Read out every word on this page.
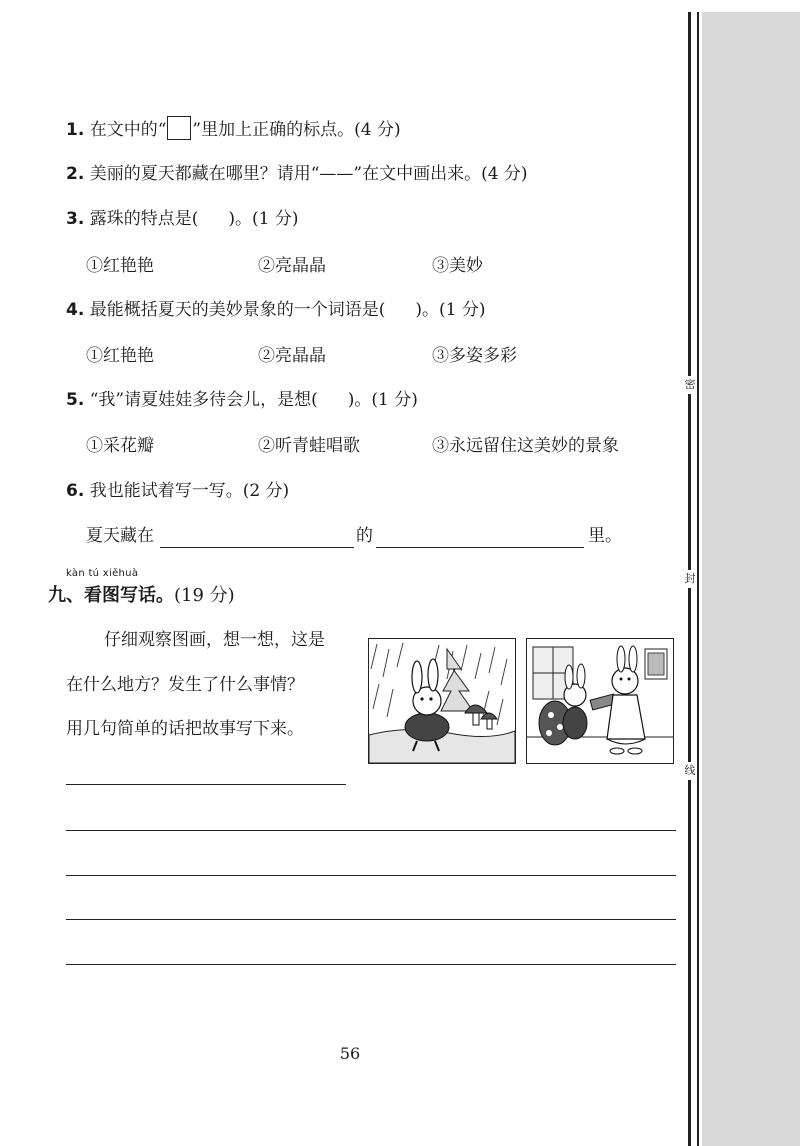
密
封
线
1. 在文中的“ ”里加上正确的标点。(4 分)
2. 美丽的夏天都藏在哪里？请用“——”在文中画出来。(4 分)
3. 露珠的特点是( )。(1 分)
①红艳艳	②亮晶晶	③美妙
4. 最能概括夏天的美妙景象的一个词语是( )。(1 分)
①红艳艳	②亮晶晶	③多姿多彩
5. “我”请夏娃娃多待会儿，是想( )。(1 分)
①采花瓣	②听青蛙唱歌	③永远留住这美妙的景象
6. 我也能试着写一写。(2 分)
夏天藏在	的	里。
kàn tú xiěhuà
九、看图写话。(19 分)
仔细观察图画，想一想，这是
在什么地方？发生了什么事情？
用几句简单的话把故事写下来。
56
